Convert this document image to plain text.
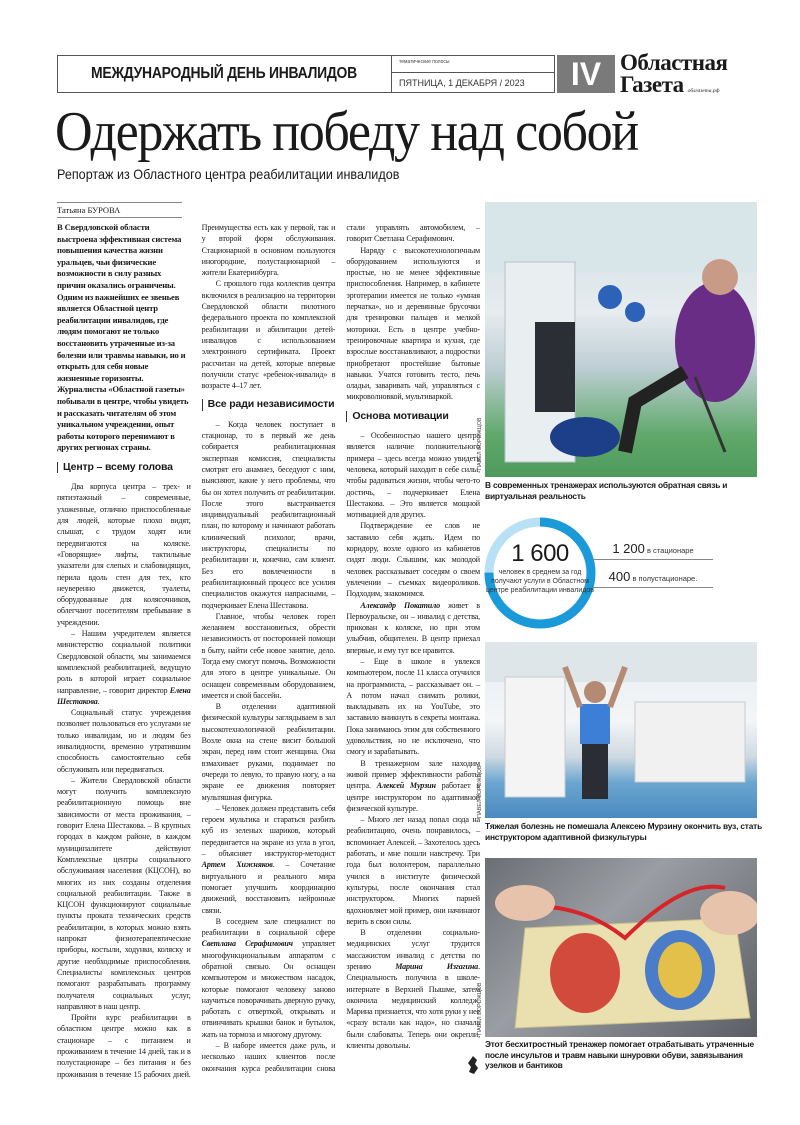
МЕЖДУНАРОДНЫЙ ДЕНЬ ИНВАЛИДОВ
тематические полосы
ПЯТНИЦА, 1 ДЕКАБРЯ / 2023	IV Областная
Газета облгазета.рф
Одержать победу над собой
Репортаж из Областного центра реабилитации инвалидов
Татьяна БУРОВА

В Свердловской области выстроена эффективная система повышения качества жизни уральцев, чьи физические возможности в силу разных причин оказались ограничены. Одним из важнейших ее звеньев является Областной центр реабилитации инвалидов, где людям помогают не только восстановить утраченные из-за болезни или травмы навыки, но и открыть для себя новые жизненные горизонты. Журналисты «Областной газеты» побывали в центре, чтобы увидеть и рассказать читателям об этом уникальном учреждении, опыт работы которого перенимают в других регионах страны.

Центр – всему голова

Два корпуса центра – трех- и пятиэтажный – современные, ухоженные, отлично приспособленные для людей, которые плохо видят, слышат, с трудом ходят или передвигаются на коляске. «Говорящие» лифты, тактильные указатели для слепых и слабовидящих, перила вдоль стен для тех, кто неуверенно движется, туалеты, оборудованные для колясочников, облегчают посетителям пребывание в учреждении.

– Нашим учредителем является министерство социальной политики Свердловской области, мы занимаемся комплексной реабилитацией, ведущую роль в которой играет социальное направление, – говорит директор Елена Шестакова.

Социальный статус учреждения позволяет пользоваться его услугами не только инвалидам, но и людям без инвалидности, временно утратившим способность самостоятельно себя обслуживать или передвигаться.

– Жители Свердловской области могут получить комплексную реабилитационную помощь вне зависимости от места проживания, – говорит Елена Шестакова. – В крупных городах в каждом районе, в каждом муниципалитете действуют Комплексные центры социального обслуживания населения (КЦСОН), во многих из них созданы отделения социальной реабилитации. Также в КЦСОН функционируют социальные пункты проката технических средств реабилитации, в которых можно взять напрокат физиотерапевтические приборы, костыли, ходунки, коляску и другие необходимые приспособления. Специалисты комплексных центров помогают разрабатывать программу получателя социальных услуг, направляют в наш центр.

Пройти курс реабилитации в областном центре можно как в стационаре – с питанием и проживанием в течение 14 дней, так и в полустационаре – без питания и без проживания в течение 15 рабочих дней. Преимущества есть как у первой, так и у второй форм обслуживания. Стационарной в основном пользуются иногородние, полустационарной – жители Екатеринбурга.

С прошлого года коллектив центра включился в реализацию на территории Свердловской области пилотного федерального проекта по комплексной реабилитации и абилитации детей-инвалидов с использованием электронного сертификата. Проект рассчитан на детей, которые впервые получили статус «ребенок-инвалид» в возрасте 4–17 лет.

Все ради независимости

– Когда человек поступает в стационар, то в первый же день собирается реабилитационная экспертная комиссия, специалисты смотрят его анамнез, беседуют с ним, выясняют, какие у него проблемы, что бы он хотел получить от реабилитации. После этого выстраивается индивидуальный реабилитационный план, по которому и начинают работать клинический психолог, врачи, инструкторы, специалисты по реабилитации и, конечно, сам клиент. Без его вовлеченности в реабилитационный процесс все усилия специалистов окажутся напрасными, – подчеркивает Елена Шестакова.

Главное, чтобы человек горел желанием восстановиться, обрести независимость от посторонней помощи в быту, найти себе новое занятие, дело. Тогда ему смогут помочь. Возможности для этого в центре уникальные. Он оснащен современным оборудованием, имеется и свой бассейн.

В отделении адаптивной физической культуры заглядываем в зал высокотехнологичной реабилитации. Возле окна на стене висит большой экран, перед ним стоит женщина. Она взмахивает руками, поднимает по очереди то левую, то правую ногу, а на экране ее движения повторяет мультяшная фигурка.

– Человек должен представить себя героем мультика и стараться разбить куб из зеленых шариков, который передвигается на экране из угла в угол, – объясняет инструктор-методист Артем Хижняков. – Сочетание виртуального и реального мира помогает улучшить координацию движений, восстановить нейронные связи.

В соседнем зале специалист по реабилитации в социальной сфере Светлана Серафимович управляет многофункциональным аппаратом с обратной связью. Он оснащен компьютером и множеством насадок, которые помогают человеку заново научиться поворачивать дверную ручку, работать с отверткой, открывать и отвинчивать крышки банок и бутылок, жать на тормоза и многому другому.

– В наборе имеется даже руль, и несколько наших клиентов после окончания курса реабилитации снова стали управлять автомобилем, – говорит Светлана Серафимович.

Наряду с высокотехнологичным оборудованием используются и простые, но не менее эффективные приспособления. Например, в кабинете эрготерапии имеется не только «умная перчатка», но и деревянные брусочки для тренировки пальцев и мелкой моторики. Есть в центре учебно-тренировочные квартира и кухня, где взрослые восстанавливают, а подростки приобретают простейшие бытовые навыки. Учатся готовить тесто, печь оладьи, заваривать чай, управляться с микроволновкой, мультиваркой.

Основа мотивации

– Особенностью нашего центра является наличие положительного примера – здесь всегда можно увидеть человека, который находит в себе силы, чтобы радоваться жизни, чтобы чего-то достичь, – подчеркивает Елена Шестакова. – Это является мощной мотивацией для других.

Подтверждение ее слов не заставило себя ждать. Идем по коридору, возле одного из кабинетов сидят люди. Слышим, как молодой человек рассказывает соседям о своем увлечении – съемках видеороликов. Подходим, знакомимся.

Александр Покатило живет в Первоуральске, он – инвалид с детства, прикован к коляске, но при этом улыбчив, общителен. В центр приехал впервые, и ему тут все нравится.

– Еще в школе я увлекся компьютером, после 11 класса отучился на программиста, – рассказывает он. – А потом начал снимать ролики, выкладывать их на YouTube, это заставило вникнуть в секреты монтажа. Пока занимаюсь этим для собственного удовольствия, но не исключено, что смогу и зарабатывать.

В тренажерном зале находим живой пример эффективности работы центра. Алексей Мурзин работает в центре инструктором по адаптивной физической культуре.

– Много лет назад попал сюда на реабилитацию, очень понравилось, – вспоминает Алексей. – Захотелось здесь работать, и мне пошли навстречу. Три года был волонтером, параллельно учился в институте физической культуры, после окончания стал инструктором. Многих парней вдохновляет мой пример, они начинают верить в свои силы.

В отделении социально-медицинских услуг трудится массажистом инвалид с детства по зрению Марина Изгагина. Специальность получила в школе-интернате в Верхней Пышме, затем окончила медицинский колледж. Марина признается, что хотя руки у нее «сразу встали как надо», но сначала были слабоваты. Теперь они окрепли, клиенты довольны.

ПАВЕЛ ВОРОЖЦОВ
В современных тренажерах используются обратная связь и виртуальная реальность
1 600
человек в среднем за год получают услуги в Областном центре реабилитации инвалидов
1 200 в стационаре
400 в полустационаре.
ПАВЕЛ ВОРОЖЦОВ
Тяжелая болезнь не помешала Алексею Мурзину окончить вуз, стать инструктором адаптивной физкультуры
ПАВЕЛ ВОРОЖЦОВ
Этот бесхитростный тренажер помогает отрабатывать утраченные после инсультов и травм навыки шнуровки обуви, завязывания узелков и бантиков
